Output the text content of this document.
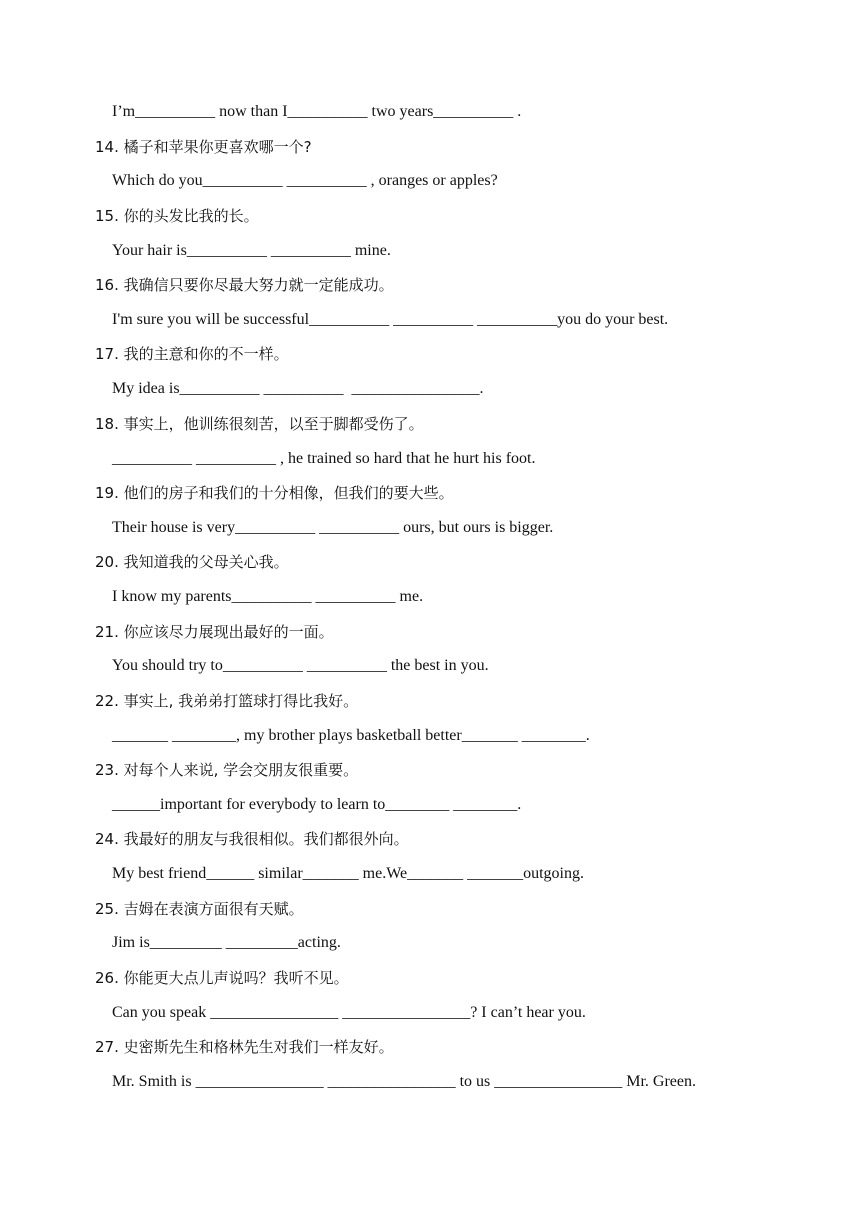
I’m__________ now than I__________ two years__________ .
14. 橘子和苹果你更喜欢哪一个?
Which do you__________ __________ , oranges or apples?
15. 你的头发比我的长。
Your hair is__________ __________ mine.
16. 我确信只要你尽最大努力就一定能成功。
I'm sure you will be successful__________ __________ __________you do your best.
17. 我的主意和你的不一样。
My idea is__________ __________  ________________.
18. 事实上，他训练很刻苦，以至于脚都受伤了。
__________ __________ , he trained so hard that he hurt his foot.
19. 他们的房子和我们的十分相像，但我们的要大些。
Their house is very__________ __________ ours, but ours is bigger.
20. 我知道我的父母关心我。
I know my parents__________ __________ me.
21. 你应该尽力展现出最好的一面。
You should try to__________ __________ the best in you.
22. 事实上, 我弟弟打篮球打得比我好。
_______ ________, my brother plays basketball better_______ ________.
23. 对每个人来说, 学会交朋友很重要。
______important for everybody to learn to________ ________.
24. 我最好的朋友与我很相似。我们都很外向。
My best friend______ similar_______ me.We_______ _______outgoing.
25. 吉姆在表演方面很有天赋。
Jim is_________ _________acting.
26. 你能更大点儿声说吗？我听不见。
Can you speak ________________ ________________? I can’t hear you.
27. 史密斯先生和格林先生对我们一样友好。
Mr. Smith is ________________ ________________ to us ________________ Mr. Green.
